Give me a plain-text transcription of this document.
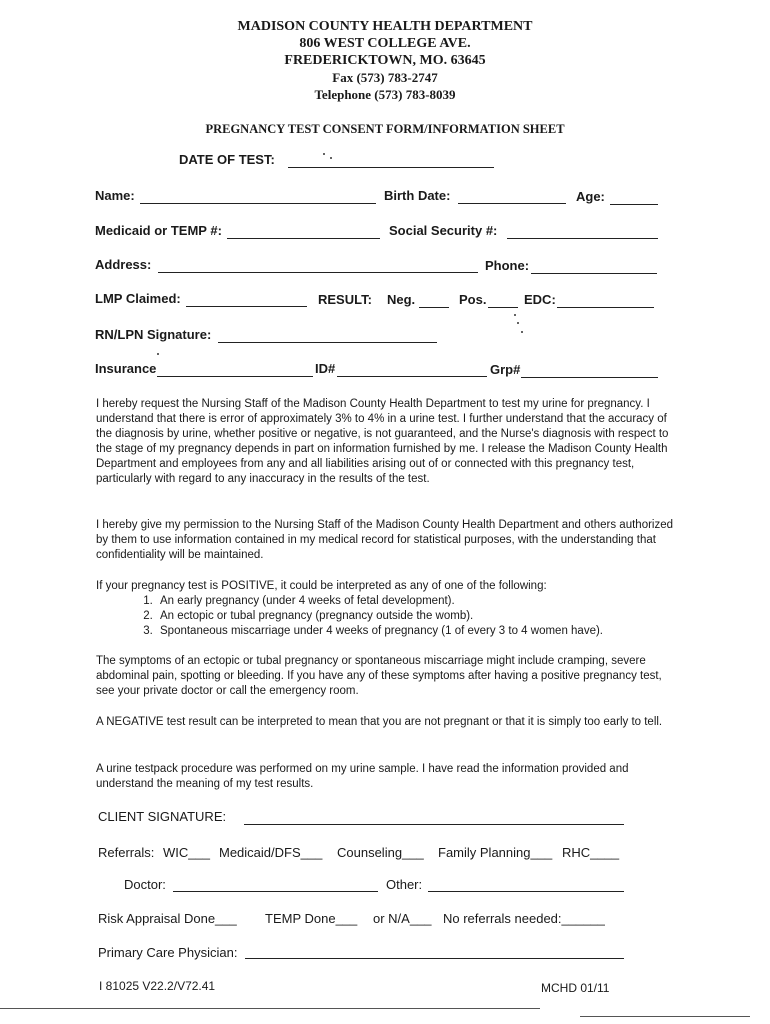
MADISON COUNTY HEALTH DEPARTMENT
806 WEST COLLEGE AVE.
FREDERICKTOWN, MO. 63645
Fax (573) 783-2747
Telephone (573) 783-8039
PREGNANCY TEST CONSENT FORM/INFORMATION SHEET
DATE OF TEST:
Name:	Birth Date:	Age:
Medicaid or TEMP #:	Social Security #:
Address:	Phone:
LMP Claimed:	RESULT: Neg.	Pos.	EDC:
RN/LPN Signature:
Insurance	ID#	Grp#

I hereby request the Nursing Staff of the Madison County Health Department to test my urine for pregnancy. I understand that there is error of approximately 3% to 4% in a urine test. I further understand that the accuracy of the diagnosis by urine, whether positive or negative, is not guaranteed, and the Nurse's diagnosis with respect to the stage of my pregnancy depends in part on information furnished by me. I release the Madison County Health Department and employees from any and all liabilities arising out of or connected with this pregnancy test, particularly with regard to any inaccuracy in the results of the test.

I hereby give my permission to the Nursing Staff of the Madison County Health Department and others authorized by them to use information contained in my medical record for statistical purposes, with the understanding that confidentiality will be maintained.

If your pregnancy test is POSITIVE, it could be interpreted as any of one of the following:

1. An early pregnancy (under 4 weeks of fetal development).
2. An ectopic or tubal pregnancy (pregnancy outside the womb).
3. Spontaneous miscarriage under 4 weeks of pregnancy (1 of every 3 to 4 women have).

The symptoms of an ectopic or tubal pregnancy or spontaneous miscarriage might include cramping, severe abdominal pain, spotting or bleeding. If you have any of these symptoms after having a positive pregnancy test, see your private doctor or call the emergency room.

A NEGATIVE test result can be interpreted to mean that you are not pregnant or that it is simply too early to tell.

A urine testpack procedure was performed on my urine sample. I have read the information provided and understand the meaning of my test results.

CLIENT SIGNATURE:
Referrals: WIC___ Medicaid/DFS___ Counseling___ Family Planning___ RHC____
Doctor:	Other:
Risk Appraisal Done___ TEMP Done___ or N/A___ No referrals needed:______
Primary Care Physician:
I 81025 V22.2/V72.41	MCHD 01/11
